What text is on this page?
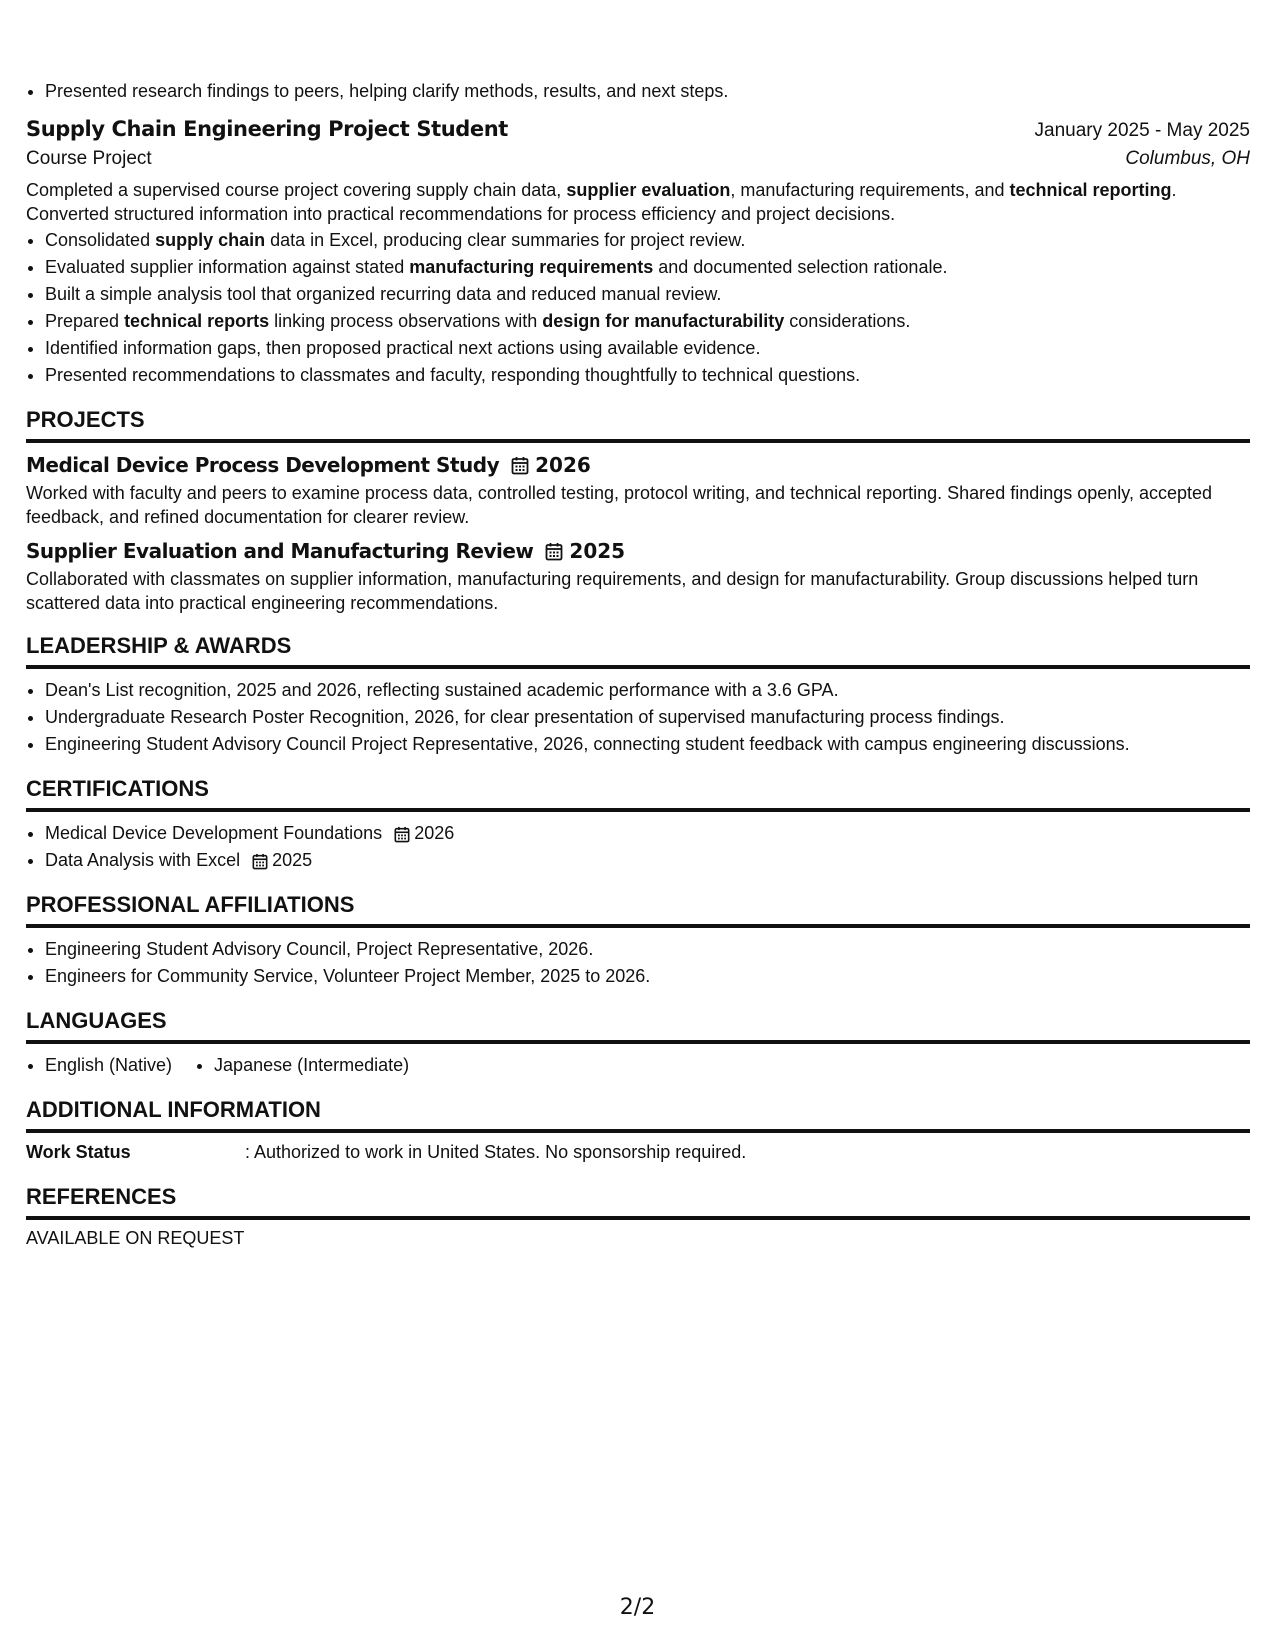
• Presented research findings to peers, helping clarify methods, results, and next steps.
Supply Chain Engineering Project Student	January 2025 - May 2025
Course Project	Columbus, OH
Completed a supervised course project covering supply chain data, supplier evaluation, manufacturing requirements, and technical reporting. Converted structured information into practical recommendations for process efficiency and project decisions.
• Consolidated supply chain data in Excel, producing clear summaries for project review.
• Evaluated supplier information against stated manufacturing requirements and documented selection rationale.
• Built a simple analysis tool that organized recurring data and reduced manual review.
• Prepared technical reports linking process observations with design for manufacturability considerations.
• Identified information gaps, then proposed practical next actions using available evidence.
• Presented recommendations to classmates and faculty, responding thoughtfully to technical questions.
PROJECTS
Medical Device Process Development Study 2026
Worked with faculty and peers to examine process data, controlled testing, protocol writing, and technical reporting. Shared findings openly, accepted feedback, and refined documentation for clearer review.
Supplier Evaluation and Manufacturing Review 2025
Collaborated with classmates on supplier information, manufacturing requirements, and design for manufacturability. Group discussions helped turn scattered data into practical engineering recommendations.
LEADERSHIP & AWARDS
• Dean's List recognition, 2025 and 2026, reflecting sustained academic performance with a 3.6 GPA.
• Undergraduate Research Poster Recognition, 2026, for clear presentation of supervised manufacturing process findings.
• Engineering Student Advisory Council Project Representative, 2026, connecting student feedback with campus engineering discussions.
CERTIFICATIONS
• Medical Device Development Foundations 2026
• Data Analysis with Excel 2025
PROFESSIONAL AFFILIATIONS
• Engineering Student Advisory Council, Project Representative, 2026.
• Engineers for Community Service, Volunteer Project Member, 2025 to 2026.
LANGUAGES
• English (Native)
• Japanese (Intermediate)
ADDITIONAL INFORMATION
Work Status	: Authorized to work in United States. No sponsorship required.
REFERENCES
AVAILABLE ON REQUEST
2/2
